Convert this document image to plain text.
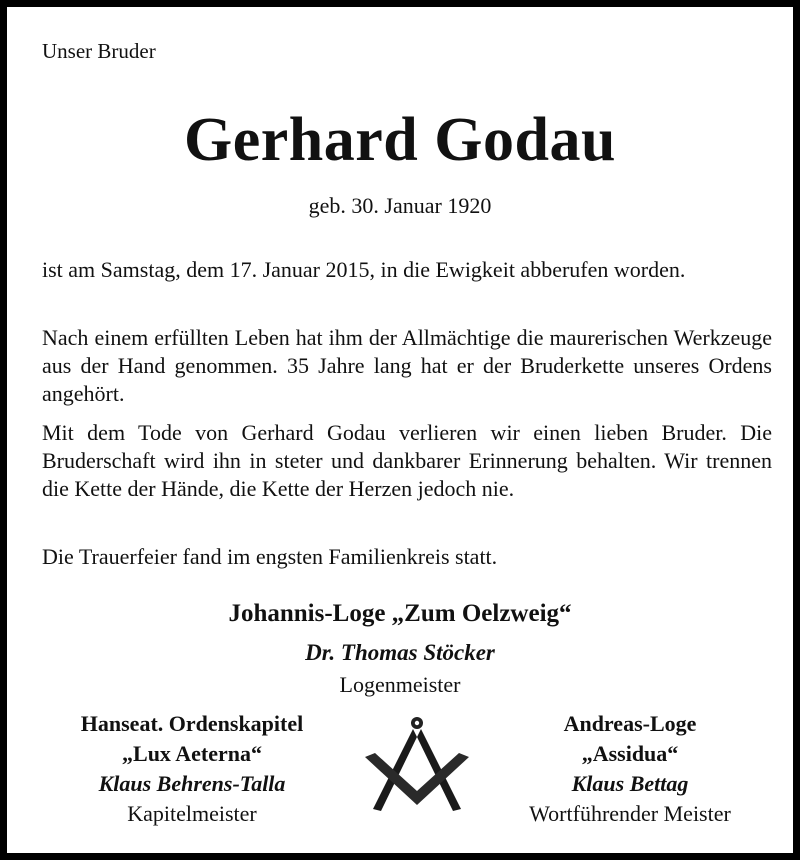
Unser Bruder
Gerhard Godau
geb. 30. Januar 1920

ist am Samstag, dem 17. Januar 2015, in die Ewigkeit abberufen worden.

Nach einem erfüllten Leben hat ihm der Allmächtige die maurerischen Werkzeuge aus der Hand genommen. 35 Jahre lang hat er der Bruderkette unseres Ordens angehört.

Mit dem Tode von Gerhard Godau verlieren wir einen lieben Bruder. Die Bruderschaft wird ihn in steter und dankbarer Erinnerung behalten. Wir trennen die Kette der Hände, die Kette der Herzen jedoch nie.

Die Trauerfeier fand im engsten Familienkreis statt.

Johannis-Loge „Zum Oelzweig“
Dr. Thomas Stöcker
Logenmeister
Hanseat. Ordenskapitel
„Lux Aeterna“
Klaus Behrens-Talla
Kapitelmeister
Andreas-Loge
„Assidua“
Klaus Bettag
Wortführender Meister
